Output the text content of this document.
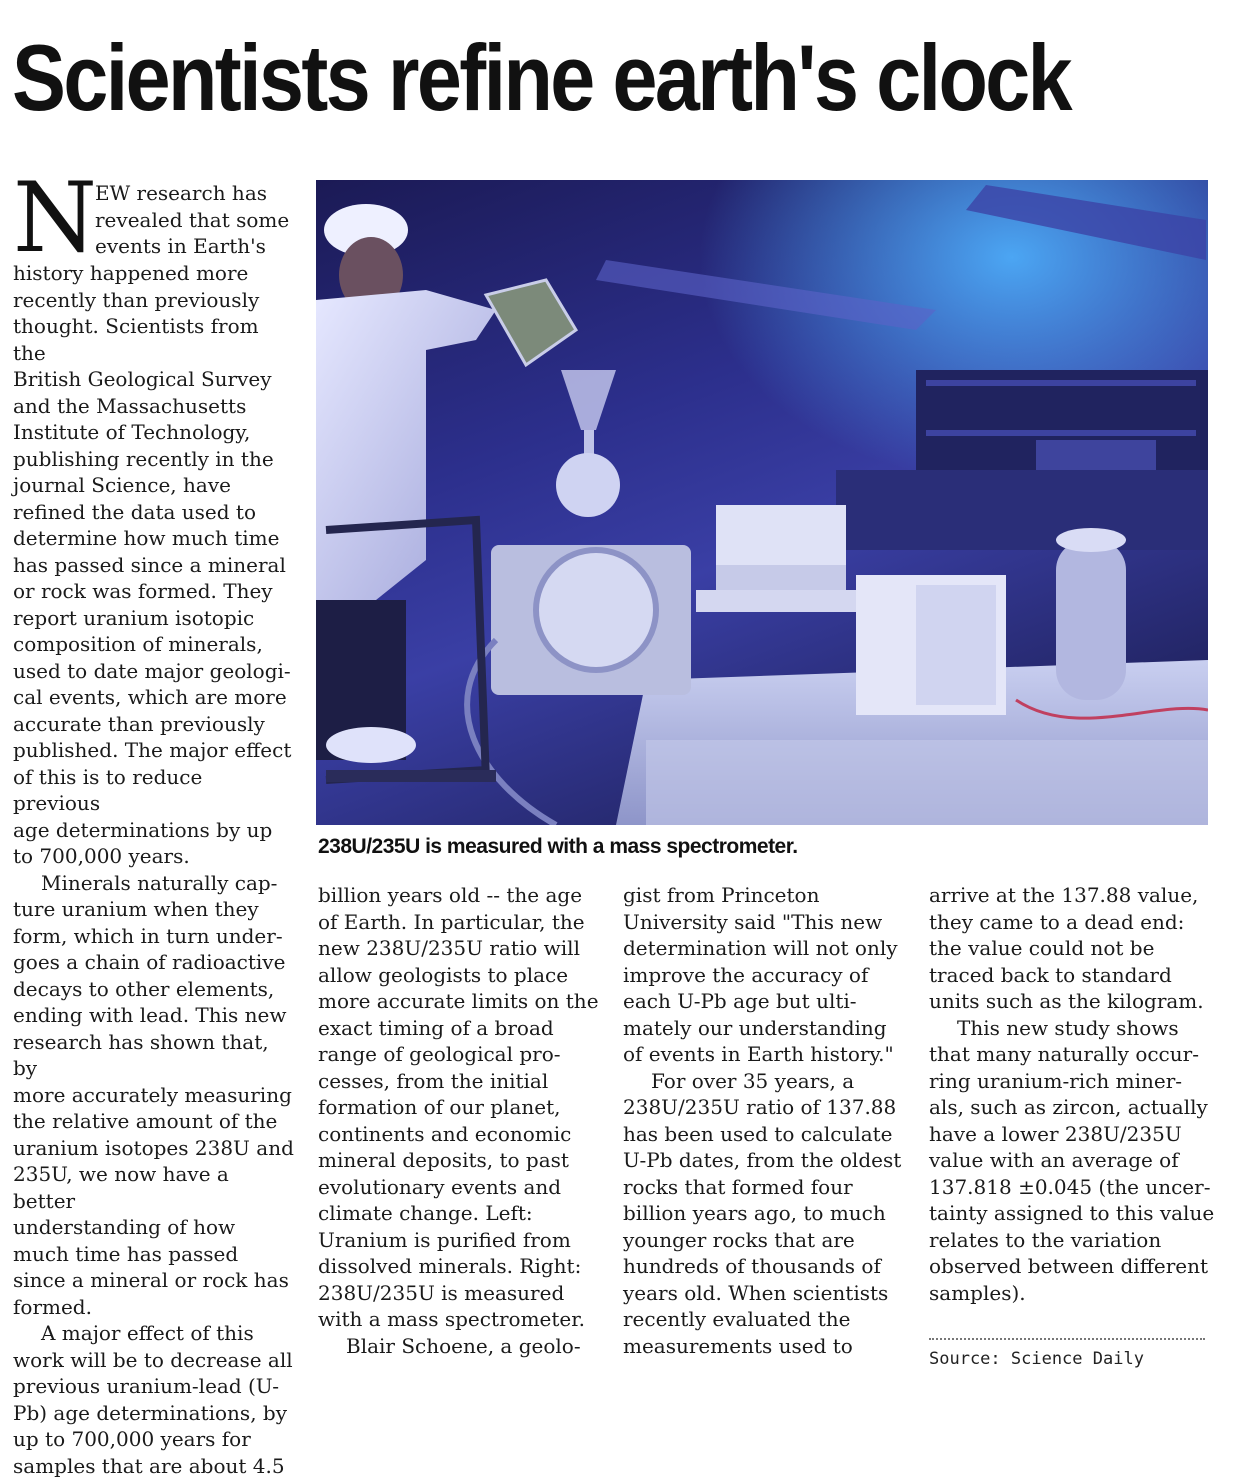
Scientists refine earth's clock
N

EW research has
revealed that some
events in Earth's

history happened more
recently than previously
thought. Scientists from the
British Geological Survey
and the Massachusetts
Institute of Technology,
publishing recently in the
journal Science, have
refined the data used to
determine how much time
has passed since a mineral
or rock was formed. They
report uranium isotopic
composition of minerals,
used to date major geologi-
cal events, which are more
accurate than previously
published. The major effect
of this is to reduce previous
age determinations by up
to 700,000 years.

Minerals naturally cap-
ture uranium when they
form, which in turn under-
goes a chain of radioactive
decays to other elements,
ending with lead. This new
research has shown that, by
more accurately measuring
the relative amount of the
uranium isotopes 238U and
235U, we now have a better
understanding of how
much time has passed
since a mineral or rock has
formed.

A major effect of this
work will be to decrease all
previous uranium-lead (U-
Pb) age determinations, by
up to 700,000 years for
samples that are about 4.5

238U/235U is measured with a mass spectrometer.

billion years old -- the age
of Earth. In particular, the
new 238U/235U ratio will
allow geologists to place
more accurate limits on the
exact timing of a broad
range of geological pro-
cesses, from the initial
formation of our planet,
continents and economic
mineral deposits, to past
evolutionary events and
climate change. Left:
Uranium is purified from
dissolved minerals. Right:
238U/235U is measured
with a mass spectrometer.

Blair Schoene, a geolo-

gist from Princeton
University said "This new
determination will not only
improve the accuracy of
each U-Pb age but ulti-
mately our understanding
of events in Earth history."

For over 35 years, a
238U/235U ratio of 137.88
has been used to calculate
U-Pb dates, from the oldest
rocks that formed four
billion years ago, to much
younger rocks that are
hundreds of thousands of
years old. When scientists
recently evaluated the
measurements used to

arrive at the 137.88 value,
they came to a dead end:
the value could not be
traced back to standard
units such as the kilogram.

This new study shows
that many naturally occur-
ring uranium-rich miner-
als, such as zircon, actually
have a lower 238U/235U
value with an average of
137.818 ±0.045 (the uncer-
tainty assigned to this value
relates to the variation
observed between different
samples).

Source: Science Daily
